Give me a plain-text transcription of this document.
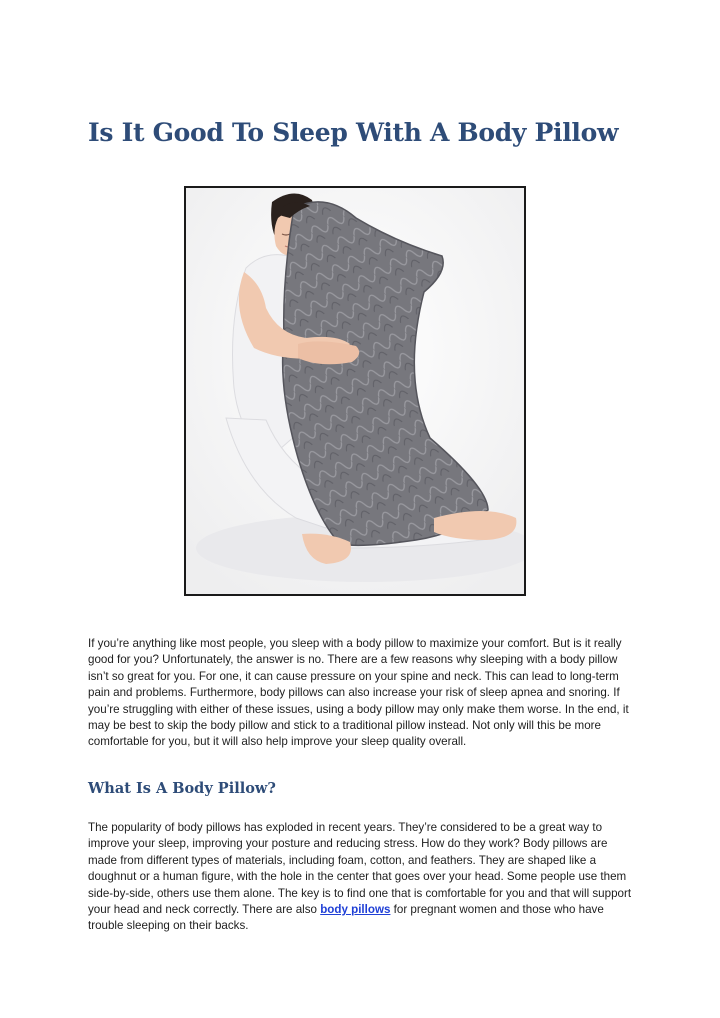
Is It Good To Sleep With A Body Pillow

If you’re anything like most people, you sleep with a body pillow to maximize your comfort. But is it really good for you? Unfortunately, the answer is no. There are a few reasons why sleeping with a body pillow isn’t so great for you. For one, it can cause pressure on your spine and neck. This can lead to long-term pain and problems. Furthermore, body pillows can also increase your risk of sleep apnea and snoring. If you’re struggling with either of these issues, using a body pillow may only make them worse. In the end, it may be best to skip the body pillow and stick to a traditional pillow instead. Not only will this be more comfortable for you, but it will also help improve your sleep quality overall.

What Is A Body Pillow?

The popularity of body pillows has exploded in recent years. They’re considered to be a great way to improve your sleep, improving your posture and reducing stress. How do they work? Body pillows are made from different types of materials, including foam, cotton, and feathers. They are shaped like a doughnut or a human figure, with the hole in the center that goes over your head. Some people use them side-by-side, others use them alone. The key is to find one that is comfortable for you and that will support your head and neck correctly. There are also body pillows for pregnant women and those who have trouble sleeping on their backs.
